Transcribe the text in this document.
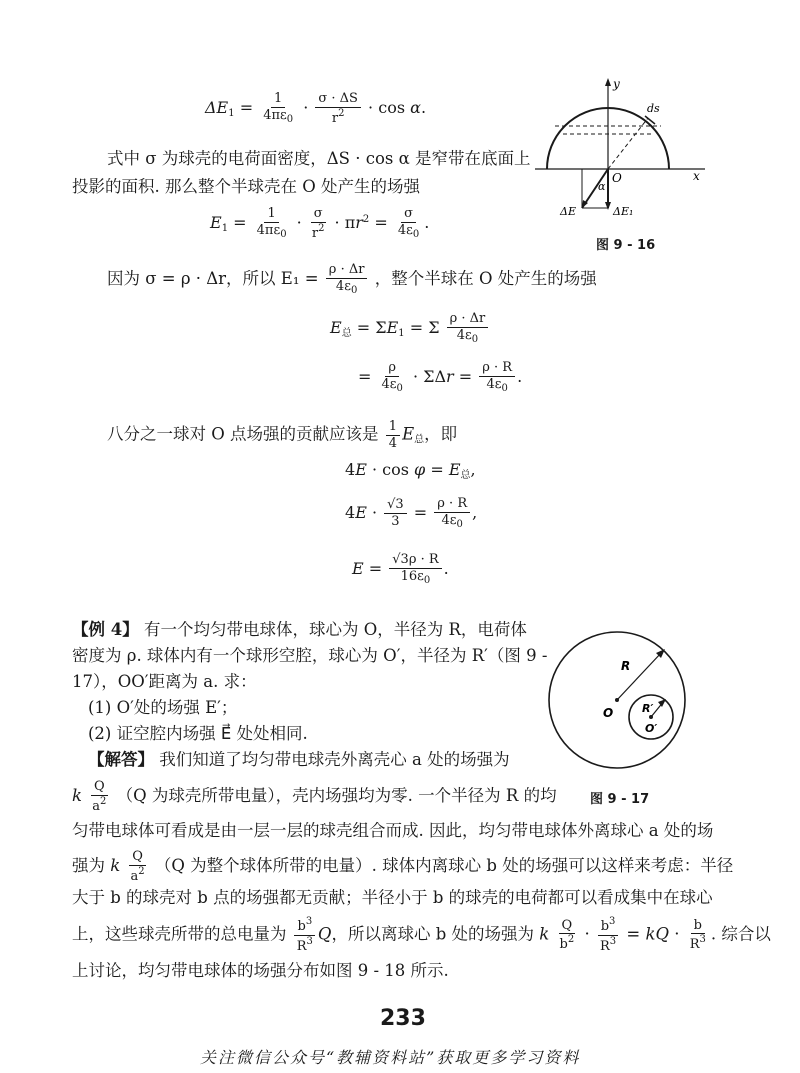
$\Delta E_1 = \frac{1}{4\pi\varepsilon_0} \cdot \frac{\sigma \cdot \Delta S}{r^2} \cdot \cos \alpha$.
式中 σ 为球壳的电荷面密度，ΔS · cos α 是窄带在底面上
投影的面积. 那么整个半球壳在 O 处产生的场强
$E_1 = \frac{1}{4\pi\varepsilon_0} \cdot \frac{\sigma}{r^2} \cdot \pi r^2 = \frac{\sigma}{4\varepsilon_0}$ .
因为 σ = ρ · Δr，所以 $E_1 = \frac{\rho \cdot \Delta r}{4\varepsilon_0}$ ，整个半球在 O 处产生的场强
$E_总 = \Sigma E_1 = \Sigma \frac{\rho \cdot \Delta r}{4\varepsilon_0}$
= $\frac{\rho}{4\varepsilon_0} \cdot \Sigma\Delta r = \frac{\rho \cdot R}{4\varepsilon_0}$ .
八分之一球对 O 点场强的贡献应该是 $\frac{1}{4} E_总$，即
$4E \cdot \cos \varphi = E_总$,
$4E \cdot \frac{√3}{3} = \frac{\rho \cdot R}{4\varepsilon_0}$ ,
$E = \frac{√3\rho \cdot R}{16\varepsilon_0}$ .
【例 4】 有一个均匀带电球体，球心为 O，半径为 R，电荷体
密度为 ρ. 球体内有一个球形空腔，球心为 O′，半径为 R′（图 9 -
17），OO′距离为 a. 求：
(1) O′处的场强 E′；
(2) 证空腔内场强 E⃗ 处处相同.
【解答】 我们知道了均匀带电球壳外离壳心 a 处的场强为
k $\frac{Q}{a^2} (Q$ 为球壳所带电量），壳内场强均为零. 一个半径为 R 的均
匀带电球体可看成是由一层一层的球壳组合而成. 因此，均匀带电球体外离球心 a 处的场
强为 k $\frac{Q}{a^2} (Q$ 为整个球体所带的电量）. 球体内离球心 b 处的场强可以这样来考虑：半径
大于 b 的球壳对 b 点的场强都无贡献；半径小于 b 的球壳的电荷都可以看成集中在球心
上，这些球壳所带的总电量为 $\frac{b^3}{R^3}$ Q，所以离球心 b 处的场强为 k $\frac{Q}{b^2} \cdot \frac{b^3}{R^3}$ = kQ · $\frac{b}{R^3}$ . 综合以
上讨论，均匀带电球体的场强分布如图 9 - 18 所示.
y
x
ds
O
α
ΔE	ΔE₁
图 9 - 16
R
R′
O
O′
图 9 - 17
233
关注微信公众号“教辅资料站”获取更多学习资料
